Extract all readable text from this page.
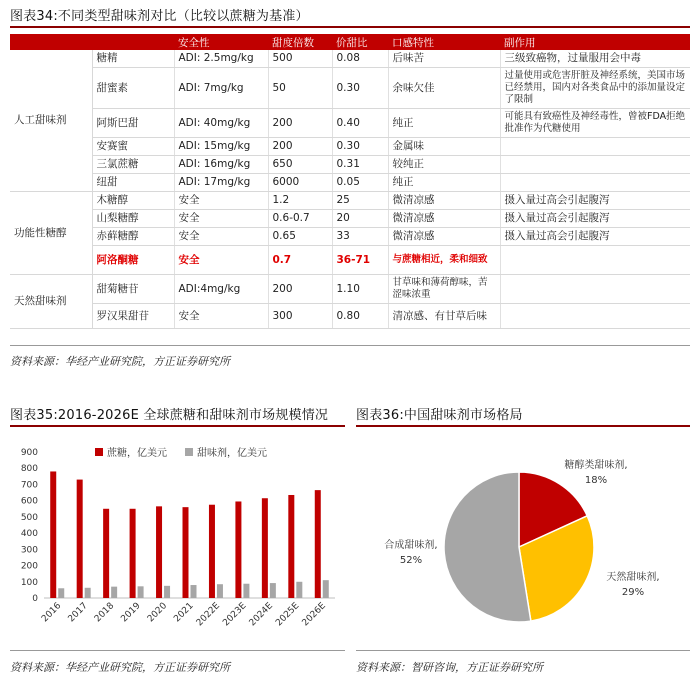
图表34:不同类型甜味剂对比（比较以蔗糖为基准）
		安全性	甜度倍数	价甜比	口感特性	副作用
人工甜味剂	糖精	ADI: 2.5mg/kg	500	0.08	后味苦	三级致癌物，过量服用会中毒
	甜蜜素	ADI: 7mg/kg	50	0.30	余味欠佳	过量使用或危害肝脏及神经系统，美国市场已经禁用，国内对各类食品中的添加量设定了限制
	阿斯巴甜	ADI: 40mg/kg	200	0.40	纯正	可能具有致癌性及神经毒性，曾被FDA拒绝批准作为代糖使用
	安赛蜜	ADI: 15mg/kg	200	0.30	金属味	
	三氯蔗糖	ADI: 16mg/kg	650	0.31	较纯正	
	纽甜	ADI: 17mg/kg	6000	0.05	纯正	
功能性糖醇	木糖醇	安全	1.2	25	微清凉感	摄入量过高会引起腹泻
	山梨糖醇	安全	0.6-0.7	20	微清凉感	摄入量过高会引起腹泻
	赤藓糖醇	安全	0.65	33	微清凉感	摄入量过高会引起腹泻
	阿洛酮糖	安全	0.7	36-71	与蔗糖相近，柔和细致	
天然甜味剂	甜菊糖苷	ADI:4mg/kg	200	1.10	甘草味和薄荷醇味，苦涩味浓重	
	罗汉果甜苷	安全	300	0.80	清凉感、有甘草后味	
资料来源：华经产业研究院，方正证券研究所
图表35:2016-2026E 全球蔗糖和甜味剂市场规模情况
蔗糖，亿美元	甜味剂，亿美元
0
100
200
300
400
500
600
700
800
900
2016 2017 2018 2019 2020 2021 2022E 2023E 2024E 2025E 2026E
资料来源：华经产业研究院，方正证券研究所
图表36:中国甜味剂市场格局
糖醇类甜味剂,
18%
天然甜味剂,
29%
合成甜味剂,
52%
资料来源：智研咨询，方正证券研究所
